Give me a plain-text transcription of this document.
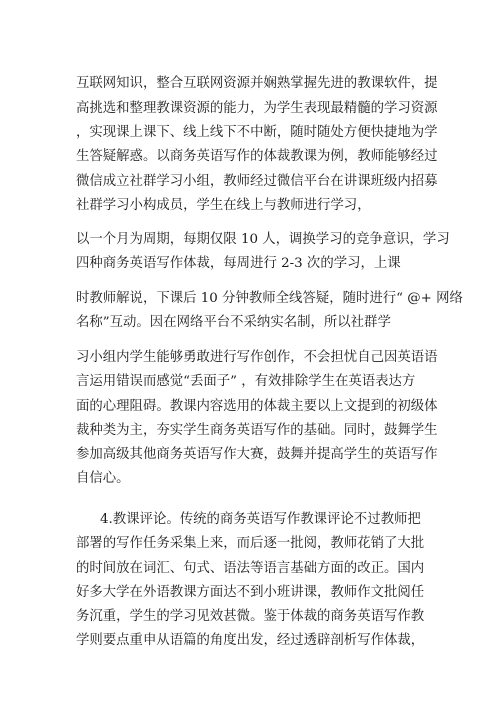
互联网知识，整合互联网资源并娴熟掌握先进的教课软件，提
高挑选和整理教课资源的能力，为学生表现最精髓的学习资源
，实现课上课下、线上线下不中断，随时随处方便快捷地为学
生答疑解惑。以商务英语写作的体裁教课为例，教师能够经过
微信成立社群学习小组，教师经过微信平台在讲课班级内招募
社群学习小构成员，学生在线上与教师进行学习，
以一个月为周期，每期仅限 10 人，调换学习的竞争意识，学习
四种商务英语写作体裁，每周进行 2-3 次的学习，上课
时教师解说，下课后 10 分钟教师全线答疑，随时进行“ @+ 网络
名称”互动。因在网络平台不采纳实名制，所以社群学
习小组内学生能够勇敢进行写作创作，不会担忧自己因英语语
言运用错误而感觉“丢面子” ，有效排除学生在英语表达方
面的心理阻碍。教课内容选用的体裁主要以上文提到的初级体
裁种类为主，夯实学生商务英语写作的基础。同时，鼓舞学生
参加高级其他商务英语写作大赛，鼓舞并提高学生的英语写作
自信心。
4.教课评论。传统的商务英语写作教课评论不过教师把
部署的写作任务采集上来，而后逐一批阅，教师花销了大批
的时间放在词汇、句式、语法等语言基础方面的改正。国内
好多大学在外语教课方面达不到小班讲课，教师作文批阅任
务沉重，学生的学习见效甚微。鉴于体裁的商务英语写作教
学则要点重申从语篇的角度出发，经过透辟剖析写作体裁，
